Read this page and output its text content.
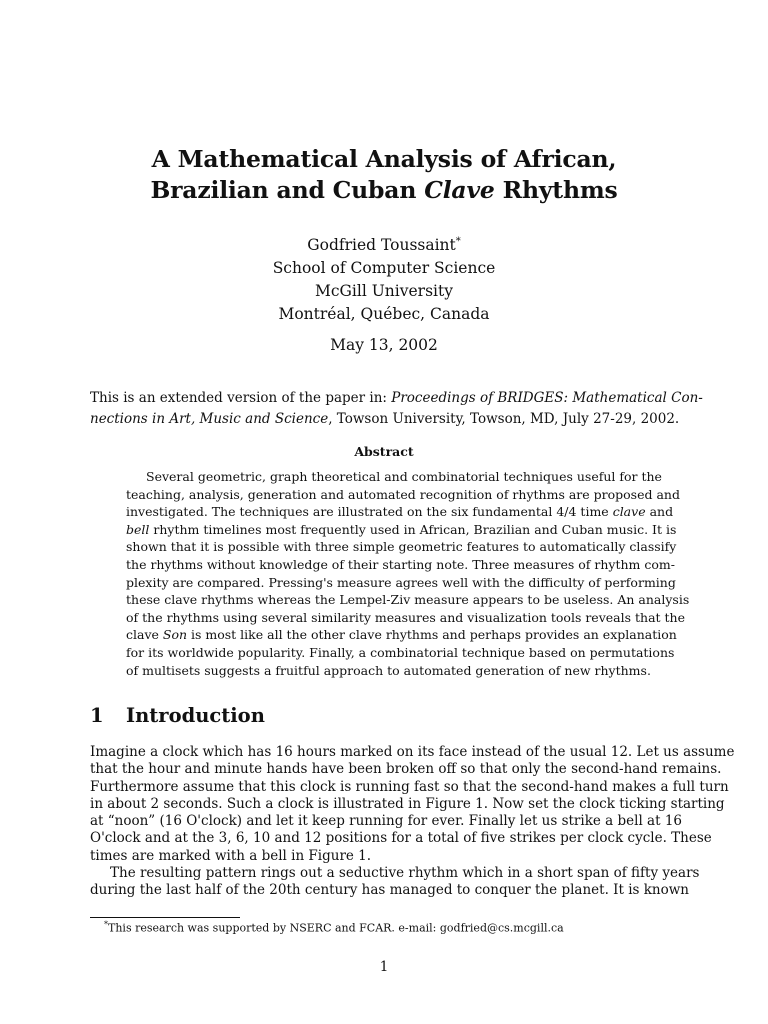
A Mathematical Analysis of African,
Brazilian and Cuban Clave Rhythms
Godfried Toussaint*
School of Computer Science
McGill University
Montréal, Québec, Canada
May 13, 2002
This is an extended version of the paper in: Proceedings of BRIDGES: Mathematical Con-
nections in Art, Music and Science, Towson University, Towson, MD, July 27-29, 2002.
Abstract
Several geometric, graph theoretical and combinatorial techniques useful for the
teaching, analysis, generation and automated recognition of rhythms are proposed and
investigated. The techniques are illustrated on the six fundamental 4/4 time clave and
bell rhythm timelines most frequently used in African, Brazilian and Cuban music. It is
shown that it is possible with three simple geometric features to automatically classify
the rhythms without knowledge of their starting note. Three measures of rhythm com-
plexity are compared. Pressing's measure agrees well with the difficulty of performing
these clave rhythms whereas the Lempel-Ziv measure appears to be useless. An analysis
of the rhythms using several similarity measures and visualization tools reveals that the
clave Son is most like all the other clave rhythms and perhaps provides an explanation
for its worldwide popularity. Finally, a combinatorial technique based on permutations
of multisets suggests a fruitful approach to automated generation of new rhythms.
1 Introduction
Imagine a clock which has 16 hours marked on its face instead of the usual 12. Let us assume
that the hour and minute hands have been broken off so that only the second-hand remains.
Furthermore assume that this clock is running fast so that the second-hand makes a full turn
in about 2 seconds. Such a clock is illustrated in Figure 1. Now set the clock ticking starting
at “noon” (16 O'clock) and let it keep running for ever. Finally let us strike a bell at 16
O'clock and at the 3, 6, 10 and 12 positions for a total of five strikes per clock cycle. These
times are marked with a bell in Figure 1.
The resulting pattern rings out a seductive rhythm which in a short span of fifty years
during the last half of the 20th century has managed to conquer the planet. It is known
*This research was supported by NSERC and FCAR. e-mail: godfried@cs.mcgill.ca
1
